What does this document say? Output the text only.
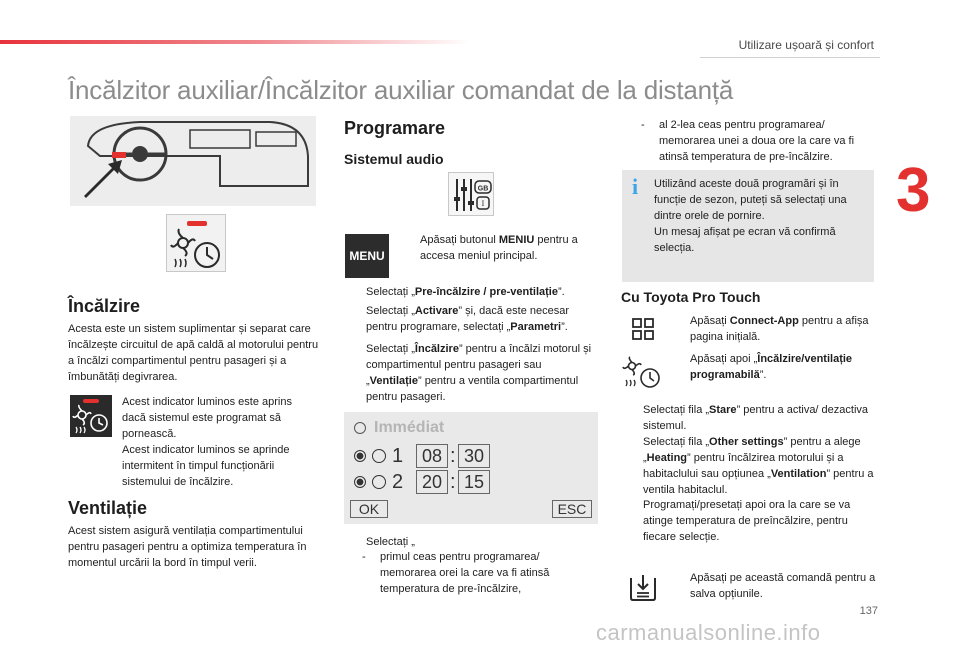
Utilizare ușoară și confort
Încălzitor auxiliar/Încălzitor auxiliar comandat de la distanță
3
Încălzire
Acesta este un sistem suplimentar și separat care încălzește circuitul de apă caldă al motorului pentru a încălzi compartimentul pentru pasageri și a îmbunătăți degivrarea.
Acest indicator luminos este aprins dacă sistemul este programat să pornească.
Acest indicator luminos se aprinde intermitent în timpul funcționării sistemului de încălzire.
Ventilație
Acest sistem asigură ventilația compartimentului pentru pasageri pentru a optimiza temperatura în momentul urcării la bord în timpul verii.
Programare
Sistemul audio
GB
I
MENU
Apăsați butonul MENIU pentru a accesa meniul principal.
Selectați „Pre-încălzire / pre-ventilație”.
Selectați „Activare” și, dacă este necesar pentru programare, selectați „Parametri”.
Selectați „Încălzire” pentru a încălzi motorul și compartimentul pentru pasageri sau „Ventilație” pentru a ventila compartimentul pentru pasageri.
Immédiat
1	08 : 30
2	20 : 15
OK	ESC
Selectați „
-	primul ceas pentru programarea/ memorarea orei la care va fi atinsă temperatura de pre-încălzire,
-	al 2-lea ceas pentru programarea/ memorarea unei a doua ore la care va fi atinsă temperatura de pre-încălzire.
i Utilizând aceste două programări și în funcție de sezon, puteți să selectați una dintre orele de pornire.
Un mesaj afișat pe ecran vă confirmă selecția.
Cu Toyota Pro Touch
Apăsați Connect-App pentru a afișa pagina inițială.
Apăsați apoi „Încălzire/ventilație programabilă”.
Selectați fila „Stare” pentru a activa/ dezactiva sistemul.
Selectați fila „Other settings” pentru a alege „Heating” pentru încălzirea motorului și a habitaclului sau opțiunea „Ventilation” pentru a ventila habitaclul.
Programați/presetați apoi ora la care se va atinge temperatura de preîncălzire, pentru fiecare selecție.
Apăsați pe această comandă pentru a salva opțiunile.
137
carmanualsonline.info
